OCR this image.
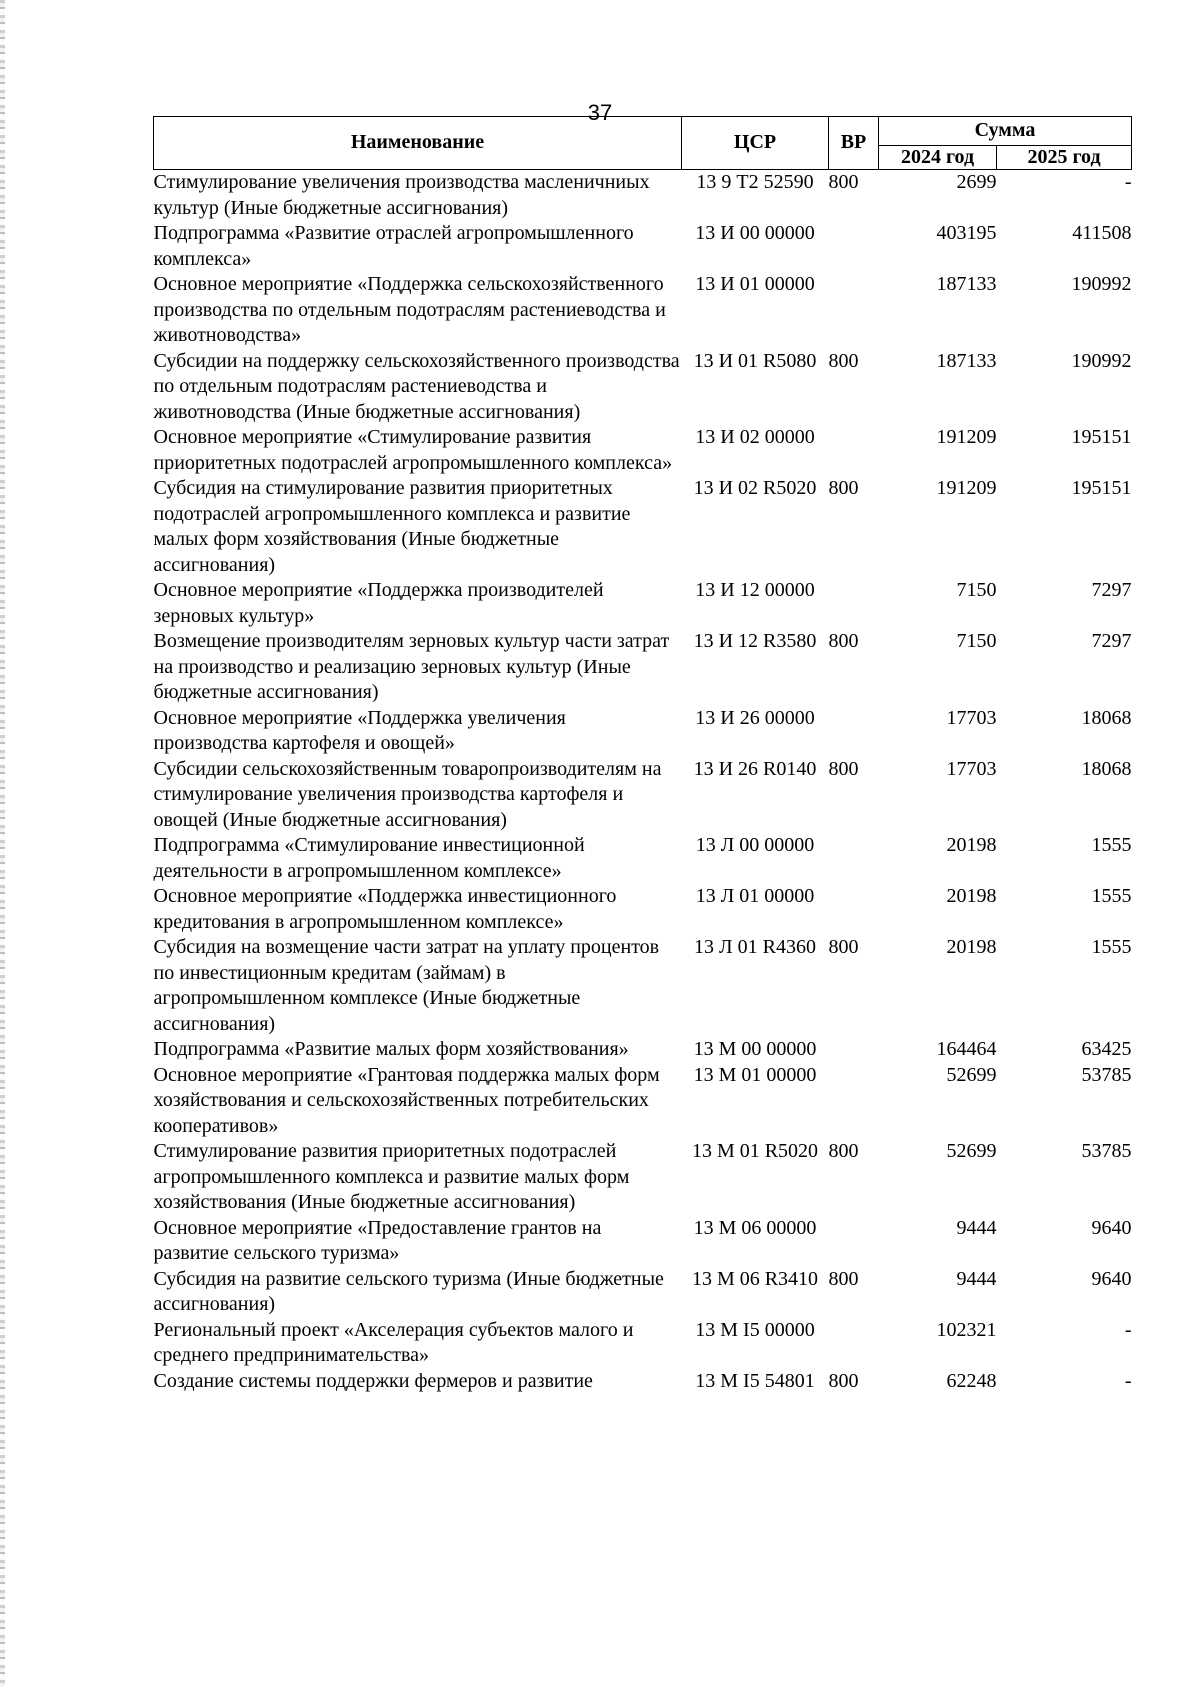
37
Наименование	ЦСР	ВР	Сумма	
			2024 год	2025 год
Стимулирование увеличения производства масленичниых культур (Иные бюджетные ассигнования)	13 9 Т2 52590	800	2699	-
Подпрограмма «Развитие отраслей агропромышленного комплекса»	13 И 00 00000		403195	411508
Основное мероприятие «Поддержка сельскохозяйственного производства по отдельным подотраслям растениеводства и животноводства»	13 И 01 00000		187133	190992
Субсидии на поддержку сельскохозяйственного производства по отдельным подотраслям растениеводства и животноводства (Иные бюджетные ассигнования)	13 И 01 R5080	800	187133	190992
Основное мероприятие «Стимулирование развития приоритетных подотраслей агропромышленного комплекса»	13 И 02 00000		191209	195151
Субсидия на стимулирование развития приоритетных подотраслей агропромышленного комплекса и развитие малых форм хозяйствования (Иные бюджетные ассигнования)	13 И 02 R5020	800	191209	195151
Основное мероприятие «Поддержка производителей зерновых культур»	13 И 12 00000		7150	7297
Возмещение производителям зерновых культур части затрат на производство и реализацию зерновых культур (Иные бюджетные ассигнования)	13 И 12 R3580	800	7150	7297
Основное мероприятие «Поддержка увеличения производства картофеля и овощей»	13 И 26 00000		17703	18068
Субсидии сельскохозяйственным товаропроизводителям на стимулирование увеличения производства картофеля и овощей (Иные бюджетные ассигнования)	13 И 26 R0140	800	17703	18068
Подпрограмма «Стимулирование инвестиционной деятельности в агропромышленном комплексе»	13 Л 00 00000		20198	1555
Основное мероприятие «Поддержка инвестиционного кредитования в агропромышленном комплексе»	13 Л 01 00000		20198	1555
Субсидия на возмещение части затрат на уплату процентов по инвестиционным кредитам (займам) в агропромышленном комплексе (Иные бюджетные ассигнования)	13 Л 01 R4360	800	20198	1555
Подпрограмма «Развитие малых форм хозяйствования»	13 М 00 00000		164464	63425
Основное мероприятие «Грантовая поддержка малых форм хозяйствования и сельскохозяйственных потребительских кооперативов»	13 М 01 00000		52699	53785
Стимулирование развития приоритетных подотраслей агропромышленного комплекса и развитие малых форм хозяйствования (Иные бюджетные ассигнования)	13 М 01 R5020	800	52699	53785
Основное мероприятие «Предоставление грантов на развитие сельского туризма»	13 М 06 00000		9444	9640
Субсидия на развитие сельского туризма (Иные бюджетные ассигнования)	13 М 06 R3410	800	9444	9640
Региональный проект «Акселерация субъектов малого и среднего предпринимательства»	13 М I5 00000		102321	-
Создание системы поддержки фермеров и развитие	13 М I5 54801	800	62248	-
